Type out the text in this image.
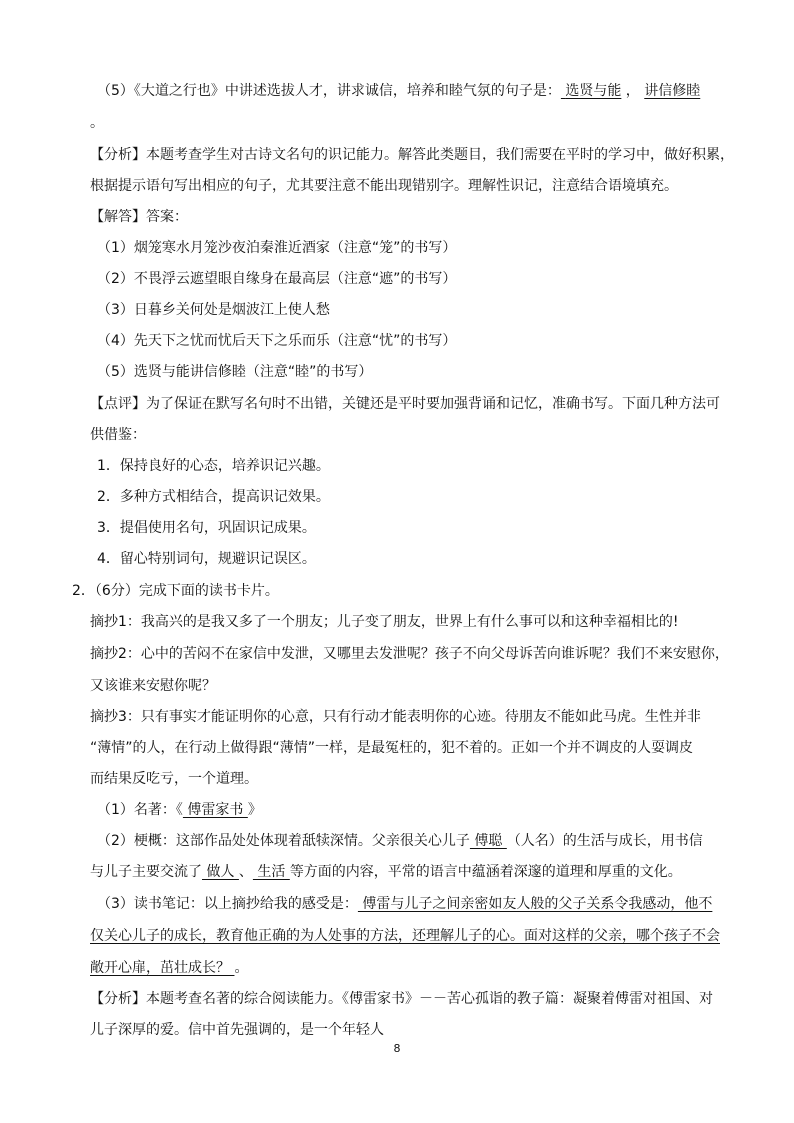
（5）《大道之行也》中讲述选拔人才，讲求诚信，培养和睦气氛的句子是： 选贤与能 ， 讲信修睦
。
【分析】本题考查学生对古诗文名句的识记能力。解答此类题目，我们需要在平时的学习中，做好积累，
根据提示语句写出相应的句子，尤其要注意不能出现错别字。理解性识记，注意结合语境填充。
【解答】答案：
（1）烟笼寒水月笼沙夜泊秦淮近酒家（注意“笼”的书写）
（2）不畏浮云遮望眼自缘身在最高层（注意“遮”的书写）
（3）日暮乡关何处是烟波江上使人愁
（4）先天下之忧而忧后天下之乐而乐（注意“忧”的书写）
（5）选贤与能讲信修睦（注意“睦”的书写）
【点评】为了保证在默写名句时不出错，关键还是平时要加强背诵和记忆，准确书写。下面几种方法可
供借鉴：
1．保持良好的心态，培养识记兴趣。
2．多种方式相结合，提高识记效果。
3．提倡使用名句，巩固识记成果。
4．留心特别词句，规避识记误区。
2．（6分）完成下面的读书卡片。
摘抄1：我高兴的是我又多了一个朋友；儿子变了朋友，世界上有什么事可以和这种幸福相比的!
摘抄2：心中的苦闷不在家信中发泄，又哪里去发泄呢？孩子不向父母诉苦向谁诉呢？我们不来安慰你，
又该谁来安慰你呢？
摘抄3：只有事实才能证明你的心意，只有行动才能表明你的心迹。待朋友不能如此马虎。生性并非
“薄情”的人，在行动上做得跟“薄情”一样，是最冤枉的，犯不着的。正如一个并不调皮的人耍调皮
而结果反吃亏，一个道理。
（1）名著：《 傅雷家书 》
（2）梗概：这部作品处处体现着舐犊深情。父亲很关心儿子 傅聪 （人名）的生活与成长，用书信
与儿子主要交流了 做人 、 生活 等方面的内容，平常的语言中蕴涵着深邃的道理和厚重的文化。
（3）读书笔记：以上摘抄给我的感受是： 傅雷与儿子之间亲密如友人般的父子关系令我感动，他不
仅关心儿子的成长，教育他正确的为人处事的方法，还理解儿子的心。面对这样的父亲，哪个孩子不会
敞开心扉，茁壮成长？ 。
【分析】本题考查名著的综合阅读能力。《傅雷家书》－－苦心孤诣的教子篇：凝聚着傅雷对祖国、对
儿子深厚的爱。信中首先强调的，是一个年轻人
8
